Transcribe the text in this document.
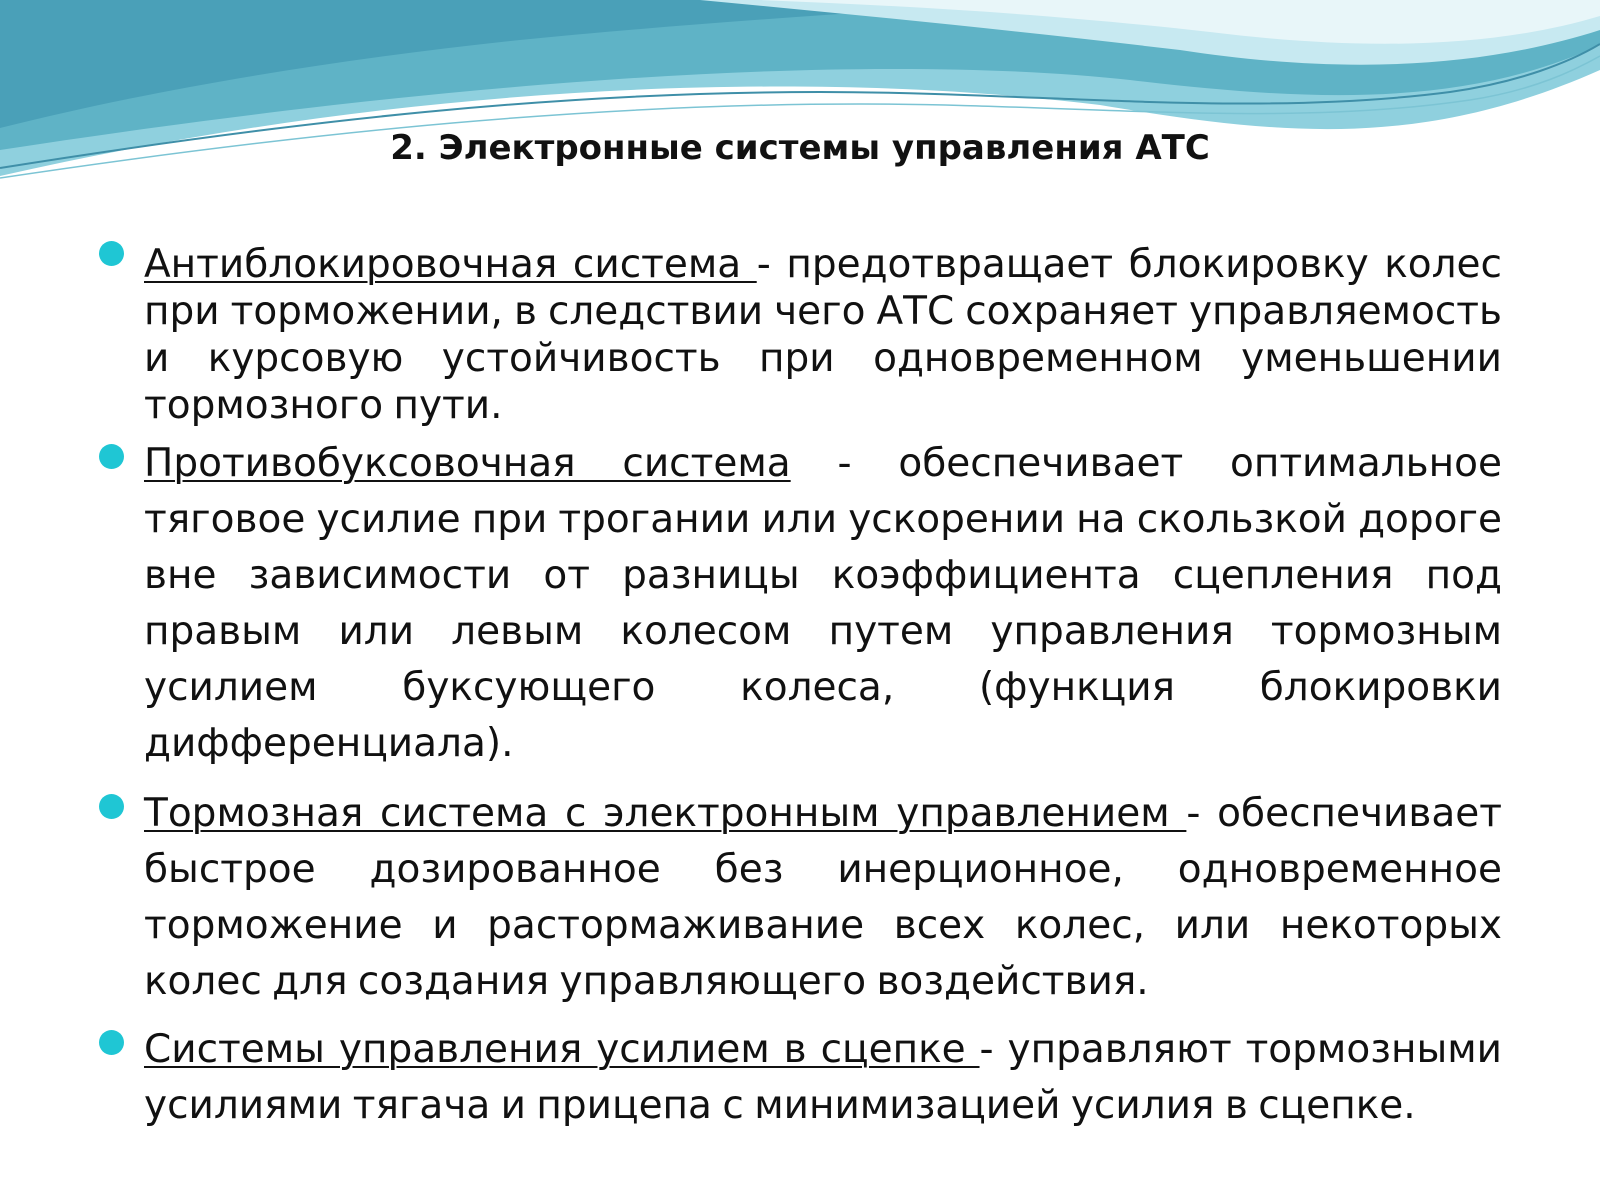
2. Электронные системы управления АТС

Антиблокировочная система - предотвращает блокировку колес при торможении, в следствии чего АТС сохраняет управляемость и курсовую устойчивость при одновременном уменьшении тормозного пути.

Противобуксовочная система - обеспечивает оптимальное тяговое усилие при трогании или ускорении на скользкой дороге вне зависимости от разницы коэффициента сцепления под правым или левым колесом путем управления тормозным усилием буксующего колеса, (функция блокировки дифференциала).

Тормозная система с электронным управлением - обеспечивает быстрое дозированное без инерционное, одновременное торможение и растормаживание всех колес, или некоторых колес для создания управляющего воздействия.

Системы управления усилием в сцепке - управляют тормозными усилиями тягача и прицепа с минимизацией усилия в сцепке.
